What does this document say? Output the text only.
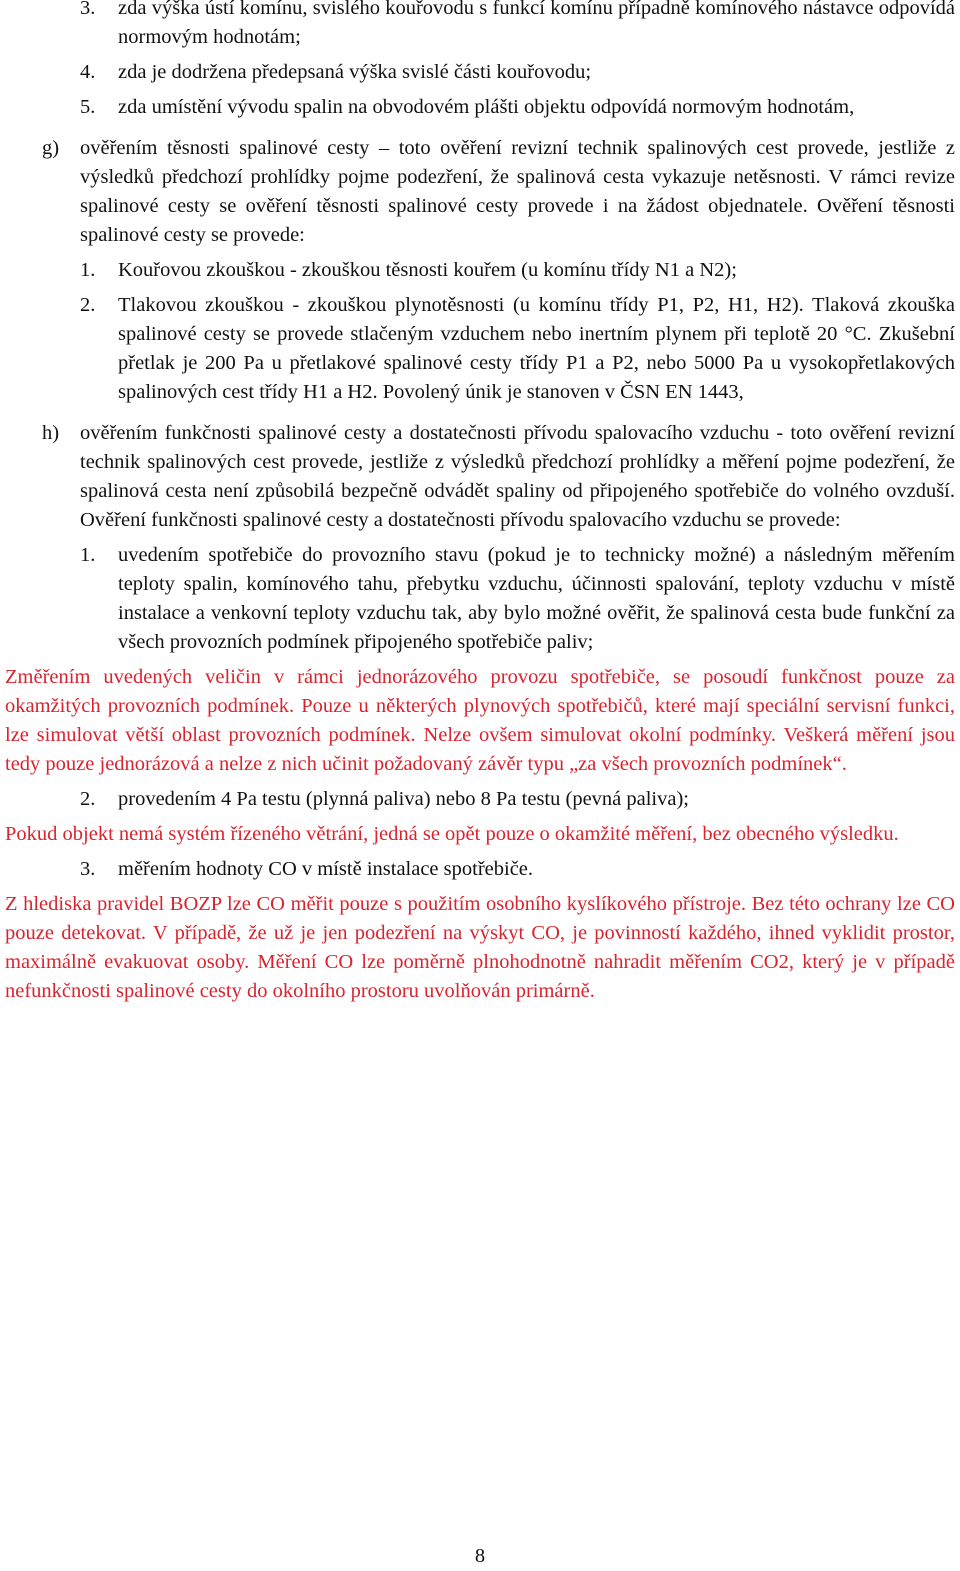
3. zda výška ústí komínu, svislého kouřovodu s funkcí komínu případně komínového nástavce odpovídá normovým hodnotám;
4. zda je dodržena předepsaná výška svislé části kouřovodu;
5. zda umístění vývodu spalin na obvodovém plášti objektu odpovídá normovým hodnotám,
g) ověřením těsnosti spalinové cesty – toto ověření revizní technik spalinových cest provede, jestliže z výsledků předchozí prohlídky pojme podezření, že spalinová cesta vykazuje netěsnosti. V rámci revize spalinové cesty se ověření těsnosti spalinové cesty provede i na žádost objednatele. Ověření těsnosti spalinové cesty se provede:
1. Kouřovou zkouškou - zkouškou těsnosti kouřem (u komínu třídy N1 a N2);
2. Tlakovou zkouškou - zkouškou plynotěsnosti (u komínu třídy P1, P2, H1, H2). Tlaková zkouška spalinové cesty se provede stlačeným vzduchem nebo inertním plynem při teplotě 20 °C. Zkušební přetlak je 200 Pa u přetlakové spalinové cesty třídy P1 a P2, nebo 5000 Pa u vysokopřetlakových spalinových cest třídy H1 a H2. Povolený únik je stanoven v ČSN EN 1443,
h) ověřením funkčnosti spalinové cesty a dostatečnosti přívodu spalovacího vzduchu - toto ověření revizní technik spalinových cest provede, jestliže z výsledků předchozí prohlídky a měření pojme podezření, že spalinová cesta není způsobilá bezpečně odvádět spaliny od připojeného spotřebiče do volného ovzduší. Ověření funkčnosti spalinové cesty a dostatečnosti přívodu spalovacího vzduchu se provede:
1. uvedením spotřebiče do provozního stavu (pokud je to technicky možné) a následným měřením teploty spalin, komínového tahu, přebytku vzduchu, účinnosti spalování, teploty vzduchu v místě instalace a venkovní teploty vzduchu tak, aby bylo možné ověřit, že spalinová cesta bude funkční za všech provozních podmínek připojeného spotřebiče paliv;
Změřením uvedených veličin v rámci jednorázového provozu spotřebiče, se posoudí funkčnost pouze za okamžitých provozních podmínek. Pouze u některých plynových spotřebičů, které mají speciální servisní funkci, lze simulovat větší oblast provozních podmínek. Nelze ovšem simulovat okolní podmínky. Veškerá měření jsou tedy pouze jednorázová a nelze z nich učinit požadovaný závěr typu „za všech provozních podmínek“.
2. provedením 4 Pa testu (plynná paliva) nebo 8 Pa testu (pevná paliva);
Pokud objekt nemá systém řízeného větrání, jedná se opět pouze o okamžité měření, bez obecného výsledku.
3. měřením hodnoty CO v místě instalace spotřebiče.
Z hlediska pravidel BOZP lze CO měřit pouze s použitím osobního kyslíkového přístroje. Bez této ochrany lze CO pouze detekovat. V případě, že už je jen podezření na výskyt CO, je povinností každého, ihned vyklidit prostor, maximálně evakuovat osoby. Měření CO lze poměrně plnohodnotně nahradit měřením CO2, který je v případě nefunkčnosti spalinové cesty do okolního prostoru uvolňován primárně.
8
